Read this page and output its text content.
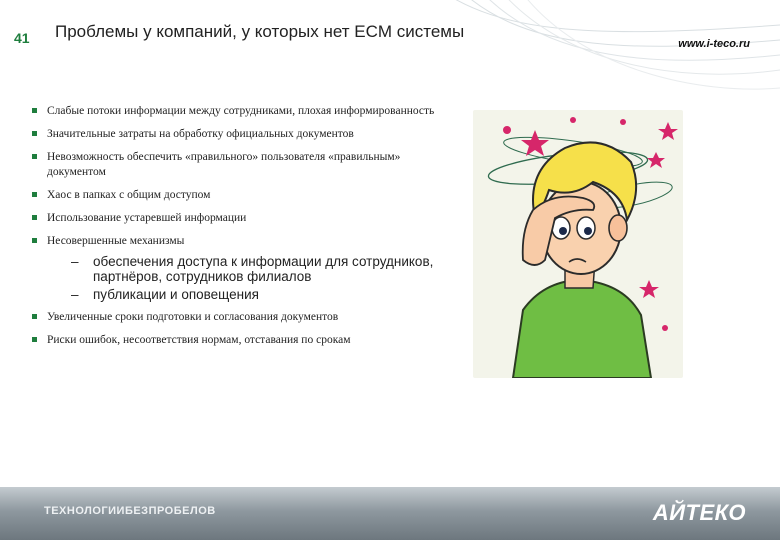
41 Проблемы у компаний, у которых нет ECM системы
www.i-teco.ru
Слабые потоки информации между сотрудниками, плохая информированность
Значительные затраты на обработку официальных документов
Невозможность обеспечить «правильного» пользователя «правильным» документом
Хаос в папках с общим доступом
Использование устаревшей информации
Несовершенные механизмы
– обеспечения доступа к информации для сотрудников, партнёров, сотрудников филиалов
– публикации и оповещения
Увеличенные сроки подготовки и согласования документов
Риски ошибок, несоответствия нормам, отставания по срокам
ТЕХНОЛОГИИБЕЗПРОБЕЛОВ	АЙТЕКО
